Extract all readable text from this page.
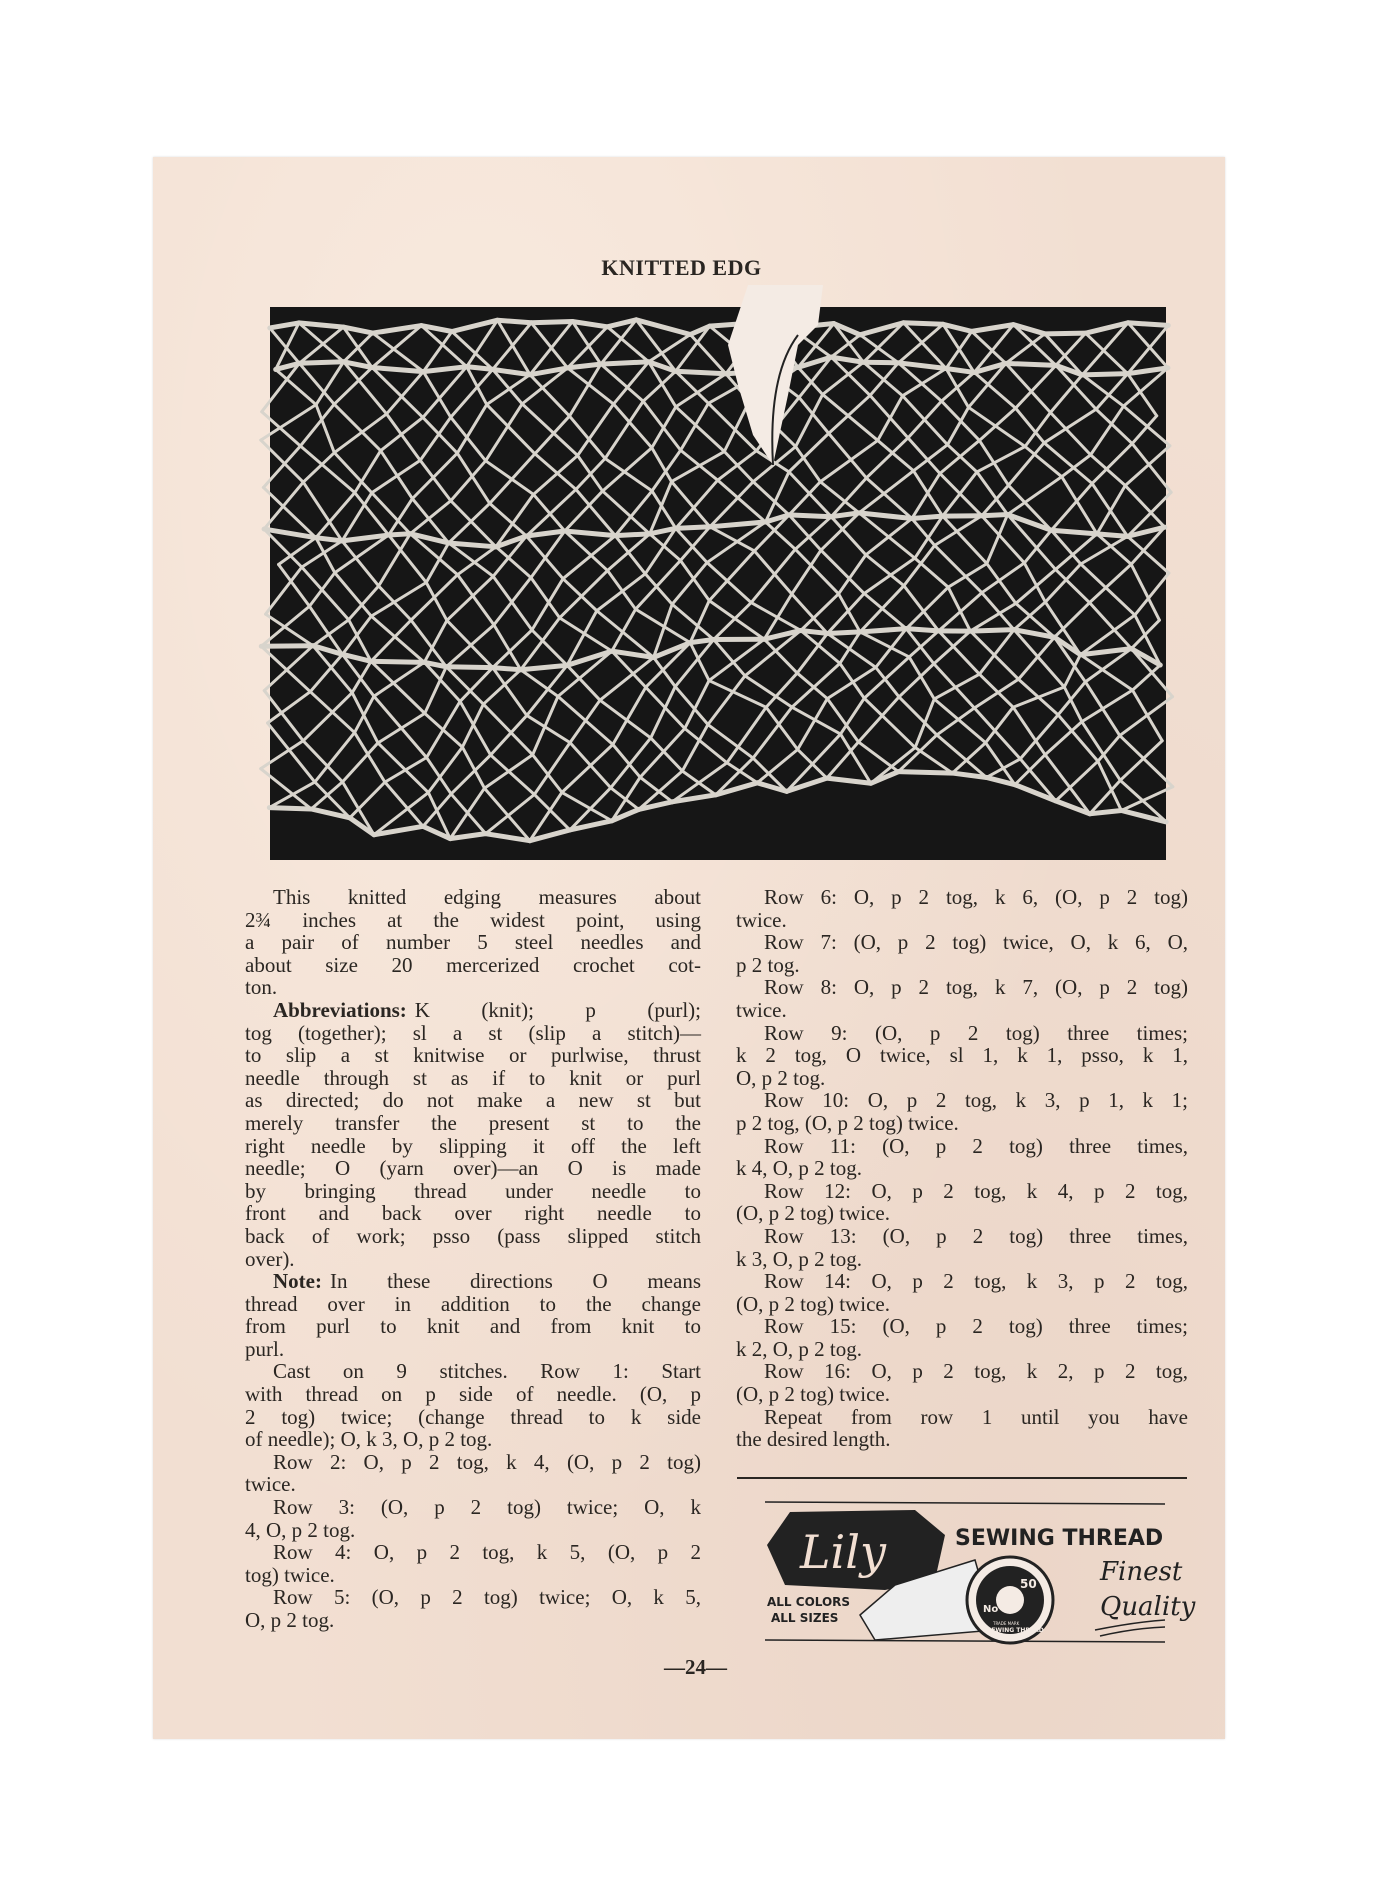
KNITTED EDG
This knitted edging measures about
2¾ inches at the widest point, using
a pair of number 5 steel needles and
about size 20 mercerized crochet cot-
ton.
Abbreviations: K (knit); p (purl);
tog (together); sl a st (slip a stitch)—
to slip a st knitwise or purlwise, thrust
needle through st as if to knit or purl
as directed; do not make a new st but
merely transfer the present st to the
right needle by slipping it off the left
needle; O (yarn over)—an O is made
by bringing thread under needle to
front and back over right needle to
back of work; psso (pass slipped stitch
over).
Note: In these directions O means
thread over in addition to the change
from purl to knit and from knit to
purl.
Cast on 9 stitches. Row 1: Start
with thread on p side of needle. (O, p
2 tog) twice; (change thread to k side
of needle); O, k 3, O, p 2 tog.
Row 2: O, p 2 tog, k 4, (O, p 2 tog)
twice.
Row 3: (O, p 2 tog) twice; O, k
4, O, p 2 tog.
Row 4: O, p 2 tog, k 5, (O, p 2
tog) twice.
Row 5: (O, p 2 tog) twice; O, k 5,
O, p 2 tog.
Row 6: O, p 2 tog, k 6, (O, p 2 tog)
twice.
Row 7: (O, p 2 tog) twice, O, k 6, O,
p 2 tog.
Row 8: O, p 2 tog, k 7, (O, p 2 tog)
twice.
Row 9: (O, p 2 tog) three times;
k 2 tog, O twice, sl 1, k 1, psso, k 1,
O, p 2 tog.
Row 10: O, p 2 tog, k 3, p 1, k 1;
p 2 tog, (O, p 2 tog) twice.
Row 11: (O, p 2 tog) three times,
k 4, O, p 2 tog.
Row 12: O, p 2 tog, k 4, p 2 tog,
(O, p 2 tog) twice.
Row 13: (O, p 2 tog) three times,
k 3, O, p 2 tog.
Row 14: O, p 2 tog, k 3, p 2 tog,
(O, p 2 tog) twice.
Row 15: (O, p 2 tog) three times;
k 2, O, p 2 tog.
Row 16: O, p 2 tog, k 2, p 2 tog,
(O, p 2 tog) twice.
Repeat from row 1 until you have
the desired length.
Lily	SEWING THREAD
ALL COLORS
ALL SIZES
50
No
TRADE MARK
SEWING THREAD
Finest
Quality
—24—
